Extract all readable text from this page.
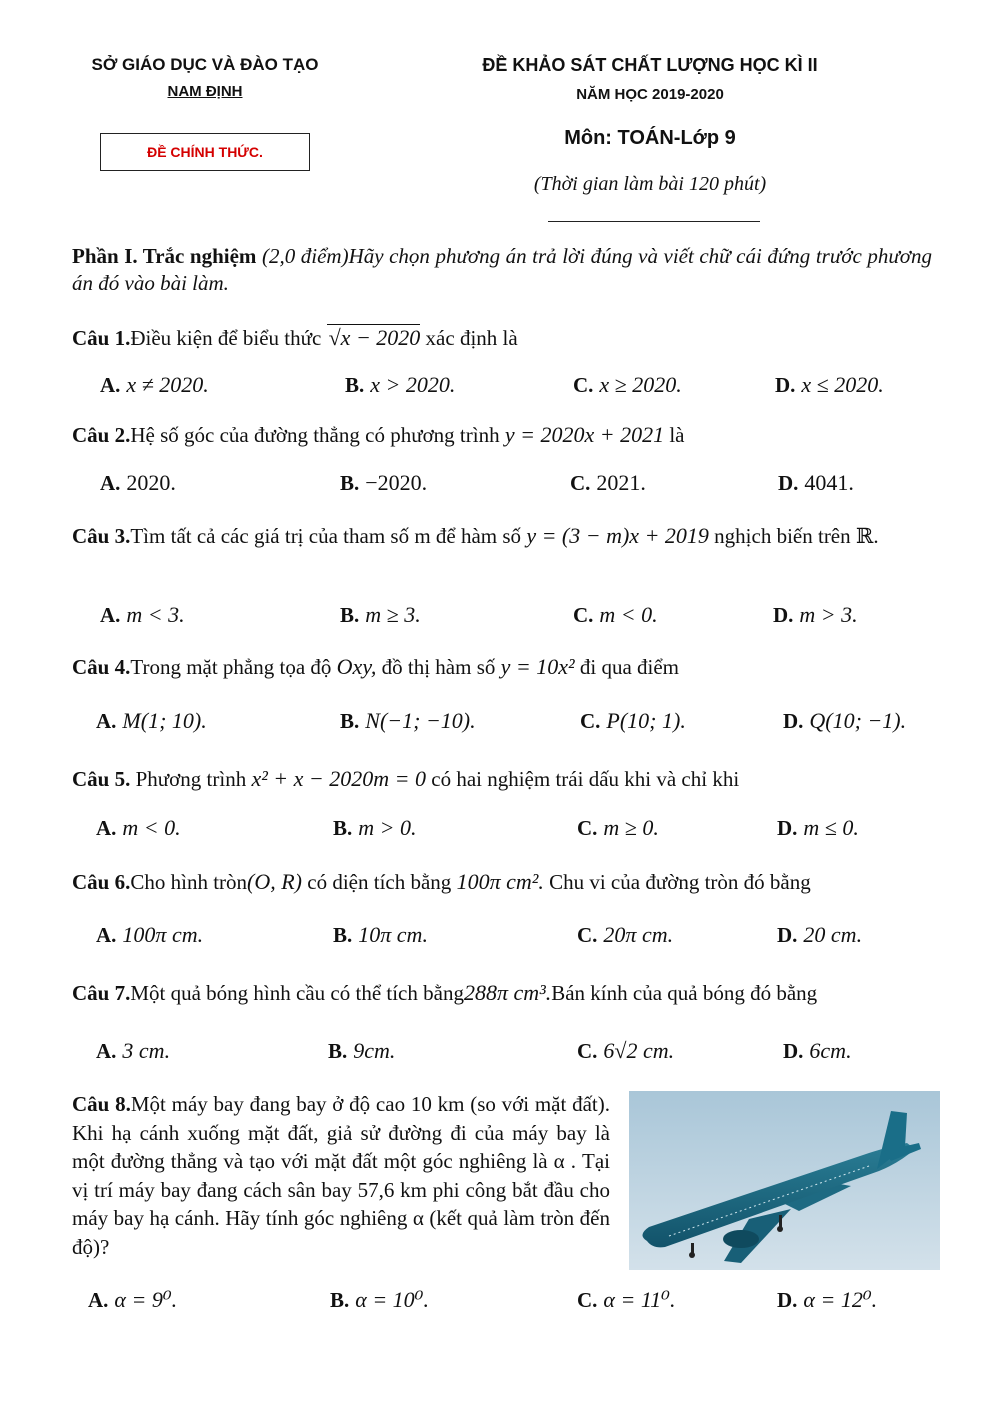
SỞ GIÁO DỤC VÀ ĐÀO TẠO
NAM ĐỊNH
ĐỀ KHẢO SÁT CHẤT LƯỢNG HỌC KÌ II
NĂM HỌC 2019-2020
ĐỀ CHÍNH THỨC.
Môn: TOÁN-Lớp 9
(Thời gian làm bài 120 phút)
Phần I. Trắc nghiệm (2,0 điểm)Hãy chọn phương án trả lời đúng và viết chữ cái đứng trước phương án đó vào bài làm.
Câu 1.Điều kiện để biểu thức √x − 2020 xác định là
A. x ≠ 2020.	B. x > 2020.	C. x ≥ 2020.	D. x ≤ 2020.
Câu 2.Hệ số góc của đường thẳng có phương trình y = 2020x + 2021 là
A. 2020.	B. −2020.	C. 2021.	D. 4041.
Câu 3.Tìm tất cả các giá trị của tham số m để hàm số y = (3 − m)x + 2019 nghịch biến trên ℝ.
A. m < 3.	B. m ≥ 3.	C. m < 0.	D. m > 3.
Câu 4.Trong mặt phẳng tọa độ Oxy, đồ thị hàm số y = 10x² đi qua điểm
A. M(1; 10).	B. N(−1; −10).	C. P(10; 1).	D. Q(10; −1).
Câu 5. Phương trình x² + x − 2020m = 0 có hai nghiệm trái dấu khi và chỉ khi
A. m < 0.	B. m > 0.	C. m ≥ 0.	D. m ≤ 0.
Câu 6.Cho hình tròn(O, R) có diện tích bằng 100π cm². Chu vi của đường tròn đó bằng
A. 100π cm.	B. 10π cm.	C. 20π cm.	D. 20 cm.
Câu 7.Một quả bóng hình cầu có thể tích bằng288π cm³.Bán kính của quả bóng đó bằng
A. 3 cm.	B. 9cm.	C. 6√2 cm.	D. 6cm.
Câu 8.Một máy bay đang bay ở độ cao 10 km (so với mặt đất). Khi hạ cánh xuống mặt đất, giả sử đường đi của máy bay là một đường thẳng và tạo với mặt đất một góc nghiêng là α . Tại vị trí máy bay đang cách sân bay 57,6 km phi công bắt đầu cho máy bay hạ cánh. Hãy tính góc nghiêng α (kết quả làm tròn đến độ)?
A. α = 9⁰.	B. α = 10⁰.	C. α = 11⁰.	D. α = 12⁰.
